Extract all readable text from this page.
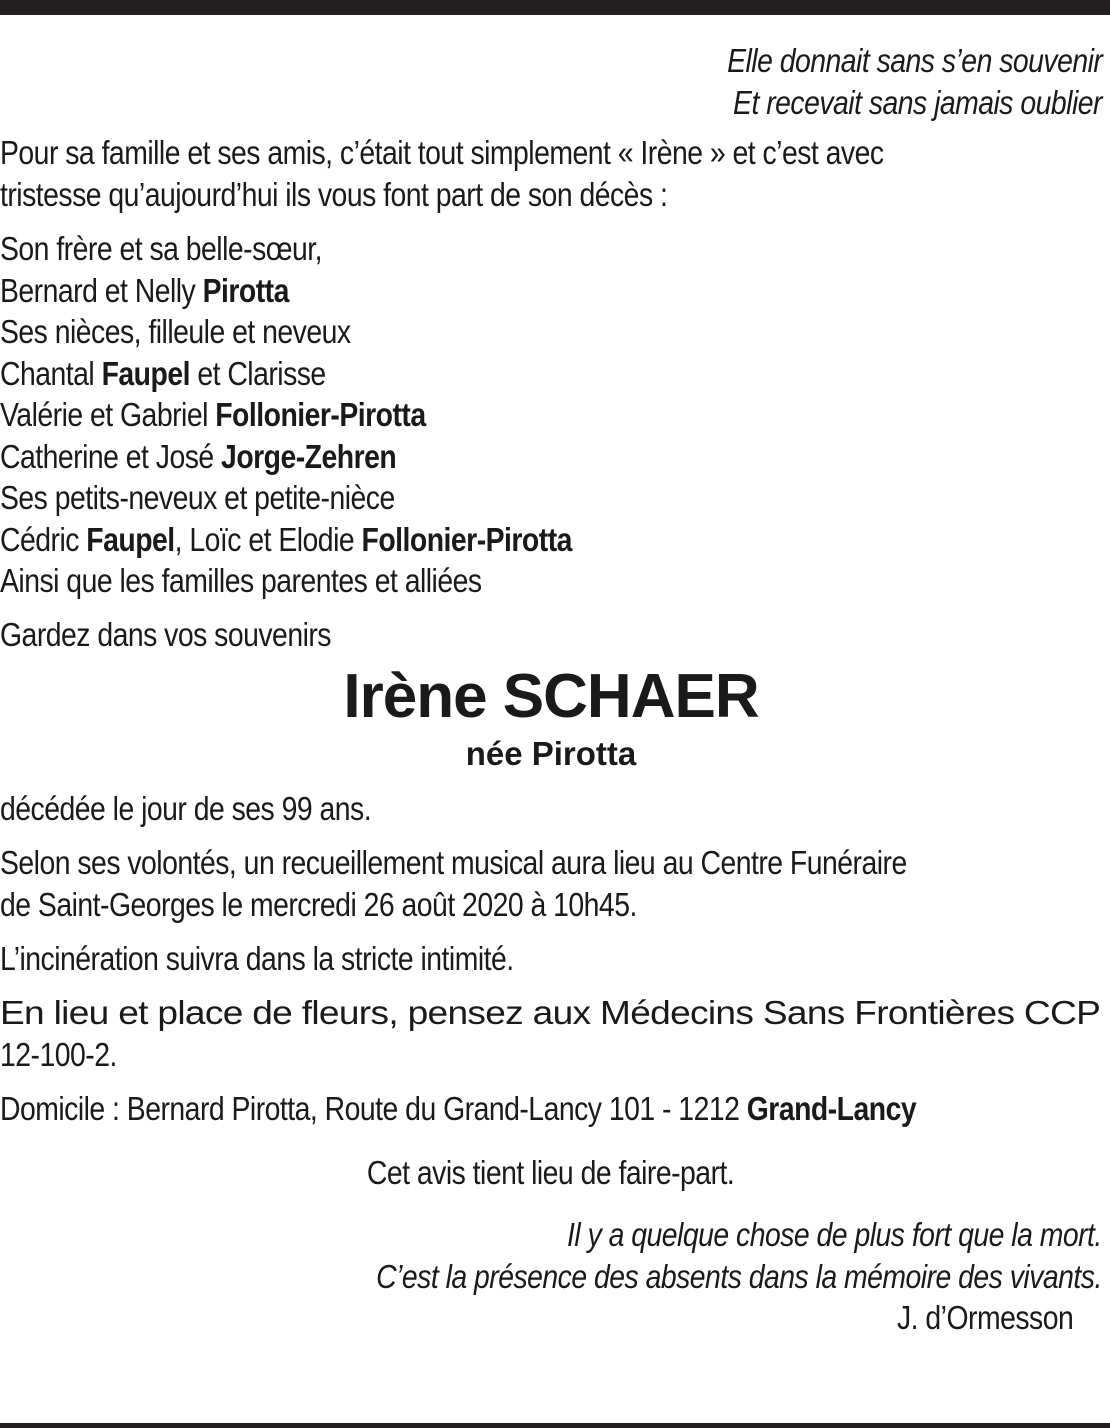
Elle donnait sans s’en souvenir
Et recevait sans jamais oublier
Pour sa famille et ses amis, c’était tout simplement « Irène » et c’est avec
tristesse qu’aujourd’hui ils vous font part de son décès :
Son frère et sa belle-sœur,
Bernard et Nelly Pirotta
Ses nièces, filleule et neveux
Chantal Faupel et Clarisse
Valérie et Gabriel Follonier-Pirotta
Catherine et José Jorge-Zehren
Ses petits-neveux et petite-nièce
Cédric Faupel, Loïc et Elodie Follonier-Pirotta
Ainsi que les familles parentes et alliées
Gardez dans vos souvenirs
Irène SCHAER
née Pirotta
décédée le jour de ses 99 ans.
Selon ses volontés, un recueillement musical aura lieu au Centre Funéraire
de Saint-Georges le mercredi 26 août 2020 à 10h45.
L’incinération suivra dans la stricte intimité.
En lieu et place de fleurs, pensez aux Médecins Sans Frontières CCP
12-100-2.
Domicile : Bernard Pirotta, Route du Grand-Lancy 101 - 1212 Grand-Lancy
Cet avis tient lieu de faire-part.
Il y a quelque chose de plus fort que la mort.
C’est la présence des absents dans la mémoire des vivants.
J. d’Ormesson
